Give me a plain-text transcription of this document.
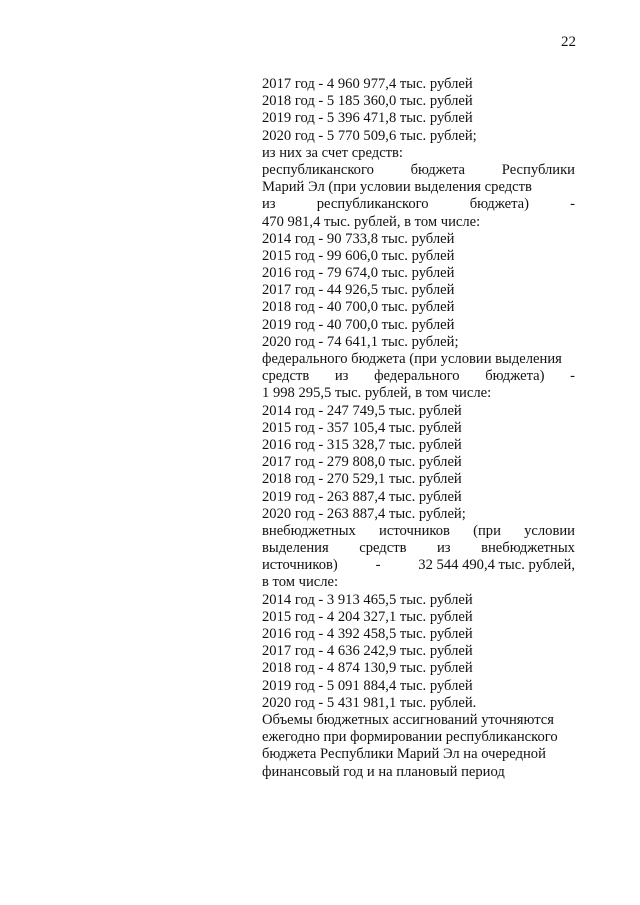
22
2017 год - 4 960 977,4 тыс. рублей
2018 год - 5 185 360,0 тыс. рублей
2019 год - 5 396 471,8 тыс. рублей
2020 год - 5 770 509,6 тыс. рублей;
из них за счет средств:
республиканского	бюджета	Республики
Марий Эл (при условии выделения средств
из	республиканского	бюджета)	-
470 981,4 тыс. рублей, в том числе:
2014 год - 90 733,8 тыс. рублей
2015 год - 99 606,0 тыс. рублей
2016 год - 79 674,0 тыс. рублей
2017 год - 44 926,5 тыс. рублей
2018 год - 40 700,0 тыс. рублей
2019 год - 40 700,0 тыс. рублей
2020 год - 74 641,1 тыс. рублей;
федерального бюджета (при условии выделения
средств из федерального бюджета) -
1 998 295,5 тыс. рублей, в том числе:
2014 год - 247 749,5 тыс. рублей
2015 год - 357 105,4 тыс. рублей
2016 год - 315 328,7 тыс. рублей
2017 год - 279 808,0 тыс. рублей
2018 год - 270 529,1 тыс. рублей
2019 год - 263 887,4 тыс. рублей
2020 год - 263 887,4 тыс. рублей;
внебюджетных источников (при условии
выделения средств из внебюджетных
источников)	-	32 544 490,4 тыс. рублей,
в том числе:
2014 год - 3 913 465,5 тыс. рублей
2015 год - 4 204 327,1 тыс. рублей
2016 год - 4 392 458,5 тыс. рублей
2017 год - 4 636 242,9 тыс. рублей
2018 год - 4 874 130,9 тыс. рублей
2019 год - 5 091 884,4 тыс. рублей
2020 год - 5 431 981,1 тыс. рублей.
Объемы бюджетных ассигнований уточняются
ежегодно при формировании республиканского
бюджета Республики Марий Эл на очередной
финансовый год и на плановый период
